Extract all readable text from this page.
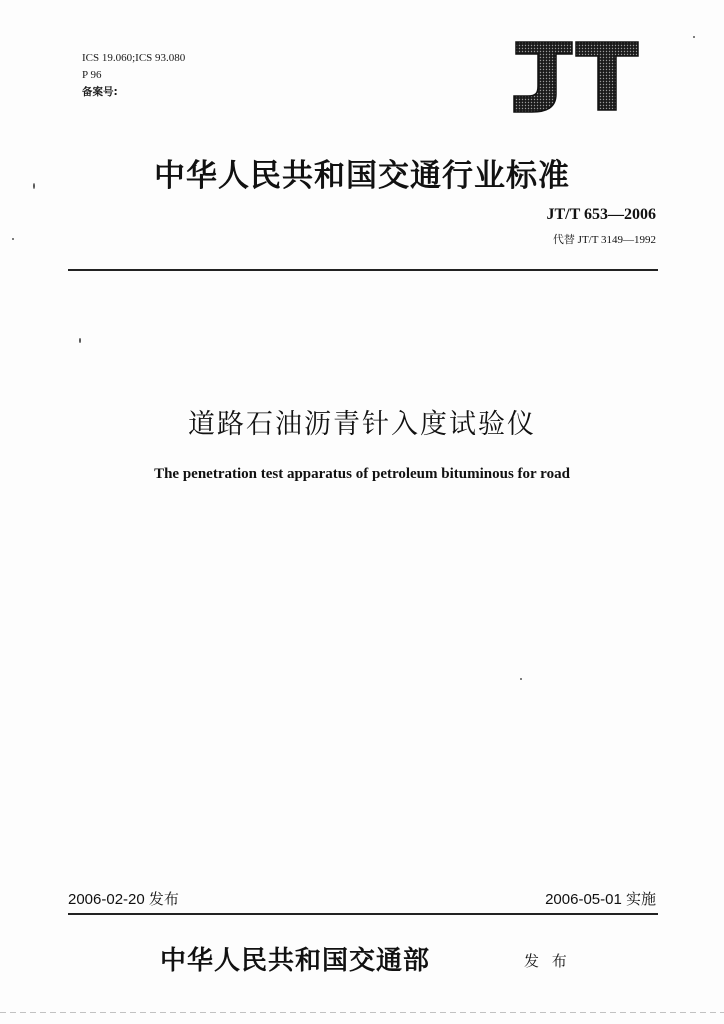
ICS 19.060;ICS 93.080
P 96
备案号:
中华人民共和国交通行业标准
JT/T 653—2006
代替 JT/T 3149—1992
道路石油沥青针入度试验仪
The penetration test apparatus of petroleum bituminous for road
2006-02-20 发布	2006-05-01 实施
中华人民共和国交通部	发 布
